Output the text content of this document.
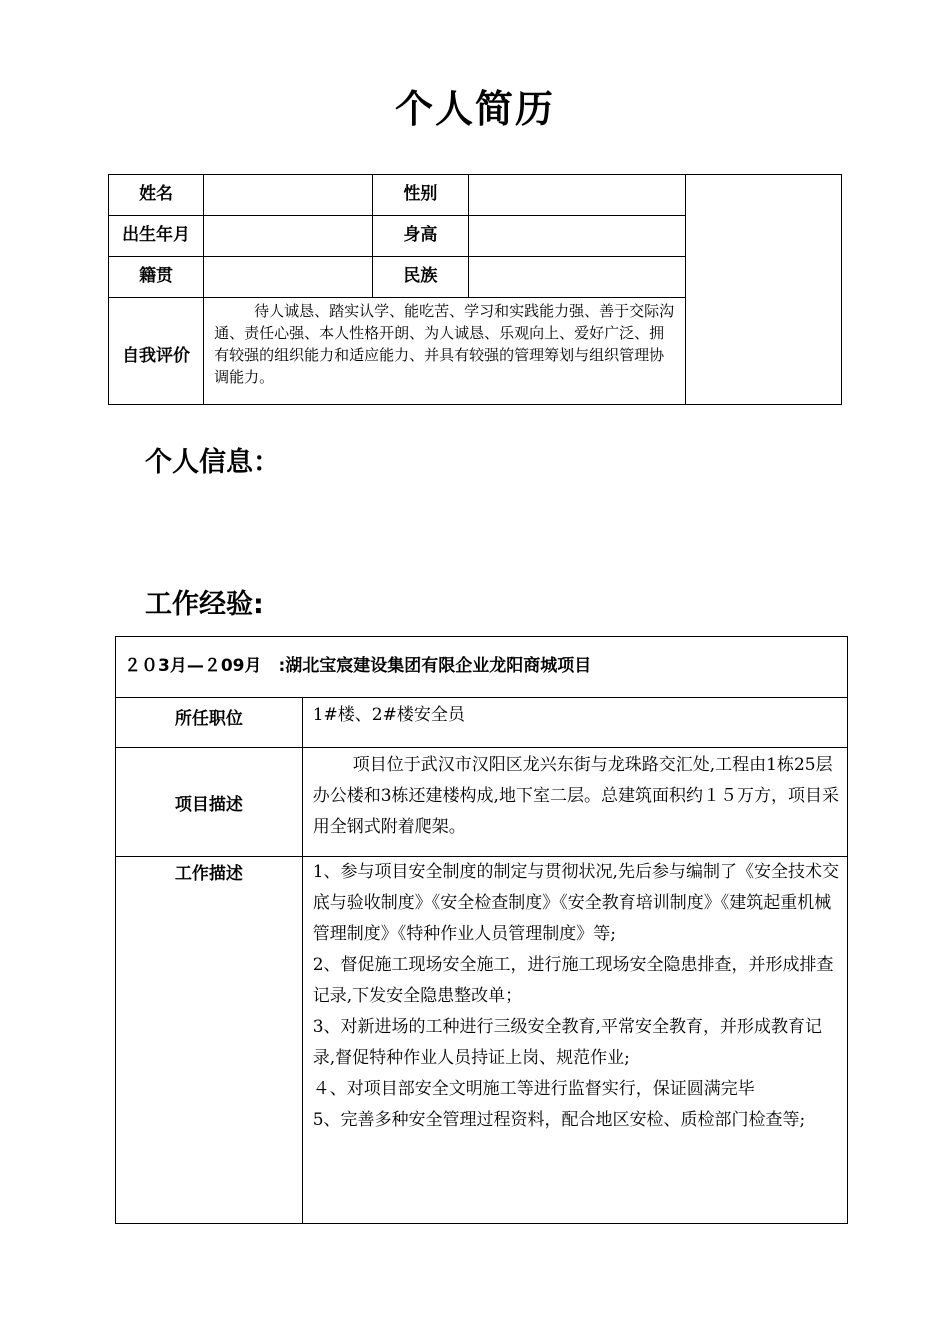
个人简历
姓名		性别		

出生年月		身高		

籍贯		民族		

自我评价	待人诚恳、踏实认学、能吃苦、学习和实践能力强、善于交际沟通、责任心强、本人性格开朗、为人诚恳、乐观向上、爱好广泛、拥有较强的组织能力和适应能力、并具有较强的管理筹划与组织管理协调能力。			

个人信息：
工作经验:
２０3月—２09月　:湖北宝宸建设集团有限企业龙阳商城项目	
所任职位	1#楼、2#楼安全员
项目描述	项目位于武汉市汉阳区龙兴东街与龙珠路交汇处,工程由1栋25层办公楼和3栋还建楼构成,地下室二层。总建筑面积约１５万方，项目采用全钢式附着爬架。

工作描述	1、参与项目安全制度的制定与贯彻状况,先后参与编制了《安全技术交底与验收制度》《安全检查制度》《安全教育培训制度》《建筑起重机械管理制度》《特种作业人员管理制度》等;

2、督促施工现场安全施工，进行施工现场安全隐患排查，并形成排查记录,下发安全隐患整改单；

3、对新进场的工种进行三级安全教育,平常安全教育，并形成教育记录,督促特种作业人员持证上岗、规范作业;

４、对项目部安全文明施工等进行监督实行，保证圆满完毕

5、完善多种安全管理过程资料，配合地区安检、质检部门检查等;
